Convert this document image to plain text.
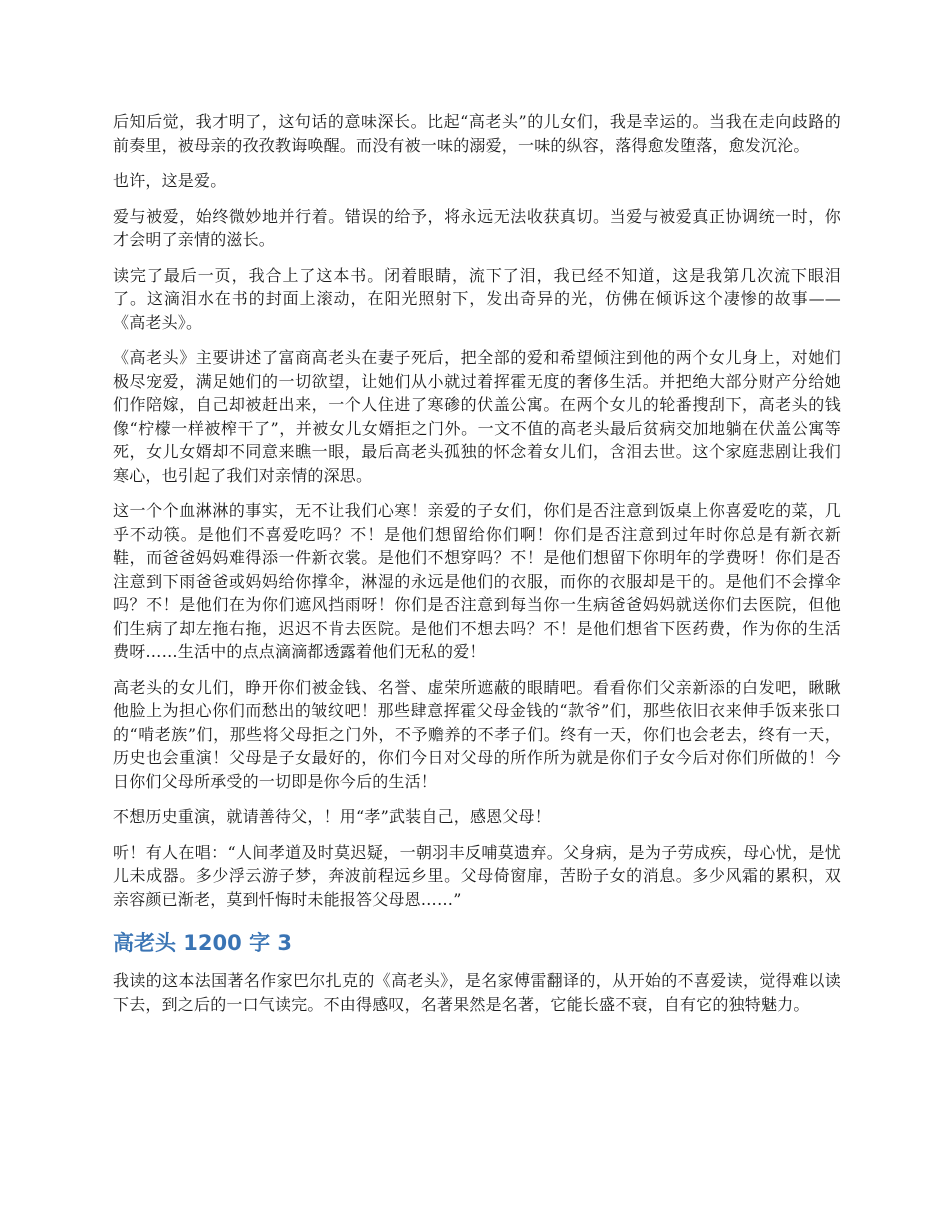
后知后觉，我才明了，这句话的意味深长。比起“高老头”的儿女们，我是幸运的。当我在走向歧路的前奏里，被母亲的孜孜教诲唤醒。而没有被一味的溺爱，一味的纵容，落得愈发堕落，愈发沉沦。

也许，这是爱。

爱与被爱，始终微妙地并行着。错误的给予，将永远无法收获真切。当爱与被爱真正协调统一时，你才会明了亲情的滋长。

读完了最后一页，我合上了这本书。闭着眼睛，流下了泪，我已经不知道，这是我第几次流下眼泪了。这滴泪水在书的封面上滚动，在阳光照射下，发出奇异的光，仿佛在倾诉这个凄惨的故事——《高老头》。

《高老头》主要讲述了富商高老头在妻子死后，把全部的爱和希望倾注到他的两个女儿身上，对她们极尽宠爱，满足她们的一切欲望，让她们从小就过着挥霍无度的奢侈生活。并把绝大部分财产分给她们作陪嫁，自己却被赶出来，一个人住进了寒碜的伏盖公寓。在两个女儿的轮番搜刮下，高老头的钱像“柠檬一样被榨干了”，并被女儿女婿拒之门外。一文不值的高老头最后贫病交加地躺在伏盖公寓等死，女儿女婿却不同意来瞧一眼，最后高老头孤独的怀念着女儿们，含泪去世。这个家庭悲剧让我们寒心，也引起了我们对亲情的深思。

这一个个血淋淋的事实，无不让我们心寒！亲爱的子女们，你们是否注意到饭桌上你喜爱吃的菜，几乎不动筷。是他们不喜爱吃吗？不！是他们想留给你们啊！你们是否注意到过年时你总是有新衣新鞋，而爸爸妈妈难得添一件新衣裳。是他们不想穿吗？不！是他们想留下你明年的学费呀！你们是否注意到下雨爸爸或妈妈给你撑伞，淋湿的永远是他们的衣服，而你的衣服却是干的。是他们不会撑伞吗？不！是他们在为你们遮风挡雨呀！你们是否注意到每当你一生病爸爸妈妈就送你们去医院，但他们生病了却左拖右拖，迟迟不肯去医院。是他们不想去吗？不！是他们想省下医药费，作为你的生活费呀……生活中的点点滴滴都透露着他们无私的爱！

高老头的女儿们，睁开你们被金钱、名誉、虚荣所遮蔽的眼睛吧。看看你们父亲新添的白发吧，瞅瞅他脸上为担心你们而愁出的皱纹吧！那些肆意挥霍父母金钱的“款爷”们，那些依旧衣来伸手饭来张口的“啃老族”们，那些将父母拒之门外，不予赡养的不孝子们。终有一天，你们也会老去，终有一天，历史也会重演！父母是子女最好的，你们今日对父母的所作所为就是你们子女今后对你们所做的！今日你们父母所承受的一切即是你今后的生活！

不想历史重演，就请善待父，！用“孝”武装自己，感恩父母！

听！有人在唱：“人间孝道及时莫迟疑，一朝羽丰反哺莫遗弃。父身病，是为子劳成疾，母心忧，是忧儿未成器。多少浮云游子梦，奔波前程远乡里。父母倚窗扉，苦盼子女的消息。多少风霜的累积，双亲容颜已渐老，莫到忏悔时未能报答父母恩……”

高老头 1200 字 3

我读的这本法国著名作家巴尔扎克的《高老头》，是名家傅雷翻译的，从开始的不喜爱读，觉得难以读下去，到之后的一口气读完。不由得感叹，名著果然是名著，它能长盛不衰，自有它的独特魅力。
